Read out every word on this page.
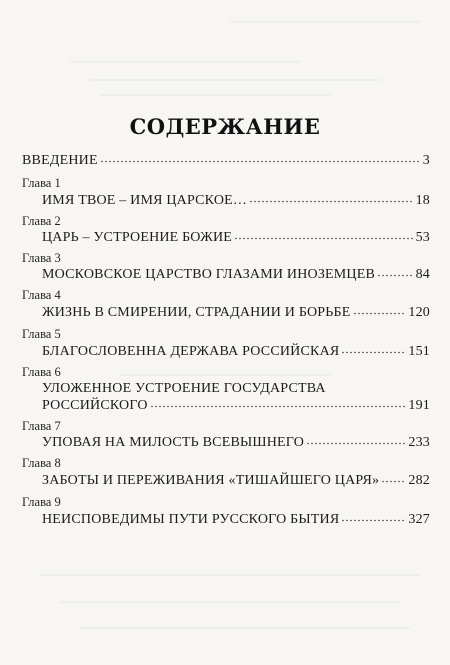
СОДЕРЖАНИЕ
ВВЕДЕНИЕ	3
Глава 1
ИМЯ ТВОЕ – ИМЯ ЦАРСКОЕ…	18
Глава 2
ЦАРЬ – УСТРОЕНИЕ БОЖИЕ	53
Глава 3
МОСКОВСКОЕ ЦАРСТВО ГЛАЗАМИ ИНОЗЕМЦЕВ	84
Глава 4
ЖИЗНЬ В СМИРЕНИИ, СТРАДАНИИ И БОРЬБЕ	120
Глава 5
БЛАГОСЛОВЕННА ДЕРЖАВА РОССИЙСКАЯ	151
Глава 6
УЛОЖЕННОЕ УСТРОЕНИЕ ГОСУДАРСТВА
РОССИЙСКОГО	191
Глава 7
УПОВАЯ НА МИЛОСТЬ ВСЕВЫШНЕГО	233
Глава 8
ЗАБОТЫ И ПЕРЕЖИВАНИЯ «ТИШАЙШЕГО ЦАРЯ» 282
Глава 9
НЕИСПОВЕДИМЫ ПУТИ РУССКОГО БЫТИЯ	327
